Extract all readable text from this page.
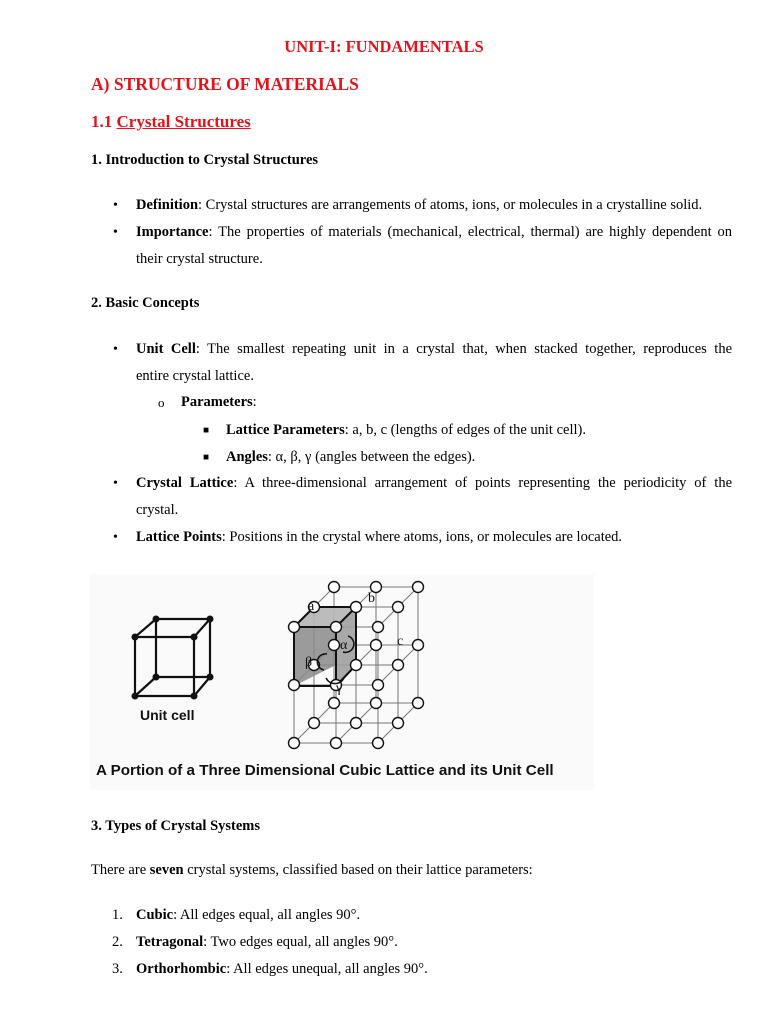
UNIT-I: FUNDAMENTALS
A) STRUCTURE OF MATERIALS
1.1 Crystal Structures
1. Introduction to Crystal Structures
• Definition: Crystal structures are arrangements of atoms, ions, or molecules in a crystalline solid.
• Importance: The properties of materials (mechanical, electrical, thermal) are highly dependent on
their crystal structure.
2. Basic Concepts
• Unit Cell: The smallest repeating unit in a crystal that, when stacked together, reproduces the
entire crystal lattice.
o Parameters:
■ Lattice Parameters: a, b, c (lengths of edges of the unit cell).
■ Angles: α, β, γ (angles between the edges).
• Crystal Lattice: A three-dimensional arrangement of points representing the periodicity of the
crystal.
• Lattice Points: Positions in the crystal where atoms, ions, or molecules are located.
Unit cell
a
b
c
α
β
γ
A Portion of a Three Dimensional Cubic Lattice and its Unit Cell
3. Types of Crystal Systems
There are seven crystal systems, classified based on their lattice parameters:
1. Cubic: All edges equal, all angles 90°.
2. Tetragonal: Two edges equal, all angles 90°.
3. Orthorhombic: All edges unequal, all angles 90°.
